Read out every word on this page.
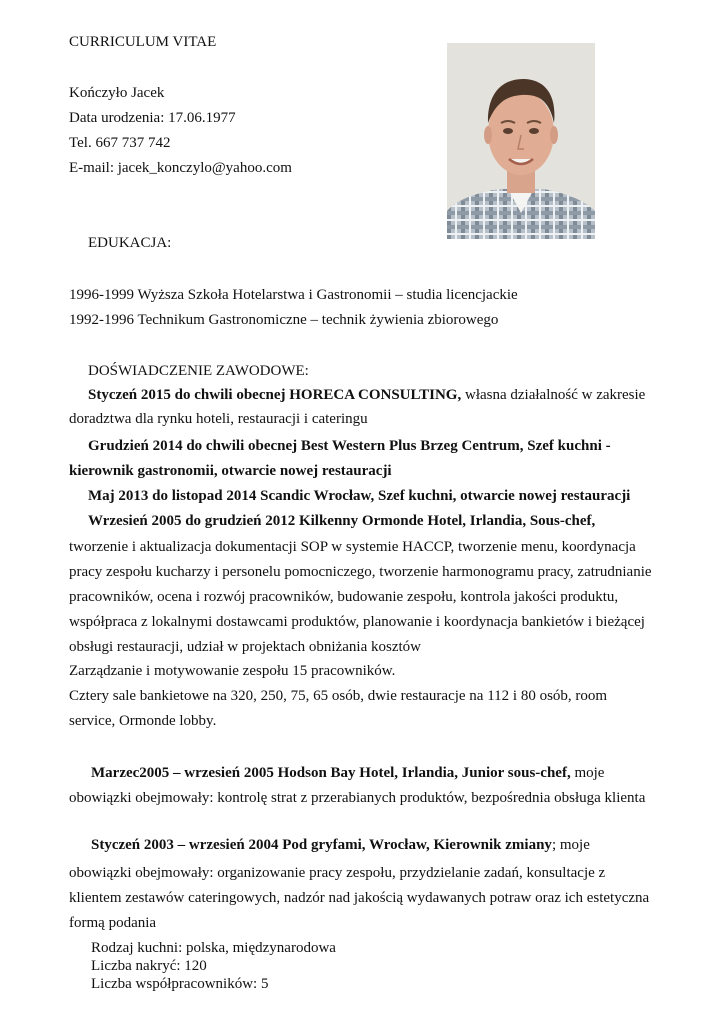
CURRICULUM VITAE
Kończyło Jacek
Data urodzenia: 17.06.1977
Tel. 667 737 742
E-mail: jacek_konczylo@yahoo.com
EDUKACJA:
1996-1999 Wyższa Szkoła Hotelarstwa i Gastronomii – studia licencjackie
1992-1996 Technikum Gastronomiczne – technik żywienia zbiorowego
DOŚWIADCZENIE ZAWODOWE:
Styczeń 2015 do chwili obecnej HORECA CONSULTING, własna działalność w zakresie
doradztwa dla rynku hoteli, restauracji i cateringu
Grudzień 2014 do chwili obecnej Best Western Plus Brzeg Centrum, Szef kuchni -
kierownik gastronomii, otwarcie nowej restauracji
Maj 2013 do listopad 2014 Scandic Wrocław, Szef kuchni, otwarcie nowej restauracji
Wrzesień 2005 do grudzień 2012 Kilkenny Ormonde Hotel, Irlandia, Sous-chef,
tworzenie i aktualizacja dokumentacji SOP w systemie HACCP, tworzenie menu, koordynacja
pracy zespołu kucharzy i personelu pomocniczego, tworzenie harmonogramu pracy, zatrudnianie
pracowników, ocena i rozwój pracowników, budowanie zespołu, kontrola jakości produktu,
współpraca z lokalnymi dostawcami produktów, planowanie i koordynacja bankietów i bieżącej
obsługi restauracji, udział w projektach obniżania kosztów
Zarządzanie i motywowanie zespołu 15 pracowników.
Cztery sale bankietowe na 320, 250, 75, 65 osób, dwie restauracje na 112 i 80 osób, room
service, Ormonde lobby.
Marzec2005 – wrzesień 2005 Hodson Bay Hotel, Irlandia, Junior sous-chef, moje
obowiązki obejmowały: kontrolę strat z przerabianych produktów, bezpośrednia obsługa klienta
Styczeń 2003 – wrzesień 2004 Pod gryfami, Wrocław, Kierownik zmiany; moje
obowiązki obejmowały: organizowanie pracy zespołu, przydzielanie zadań, konsultacje z
klientem zestawów cateringowych, nadzór nad jakością wydawanych potraw oraz ich estetyczna
formą podania
Rodzaj kuchni: polska, międzynarodowa
Liczba nakryć: 120
Liczba współpracowników: 5
